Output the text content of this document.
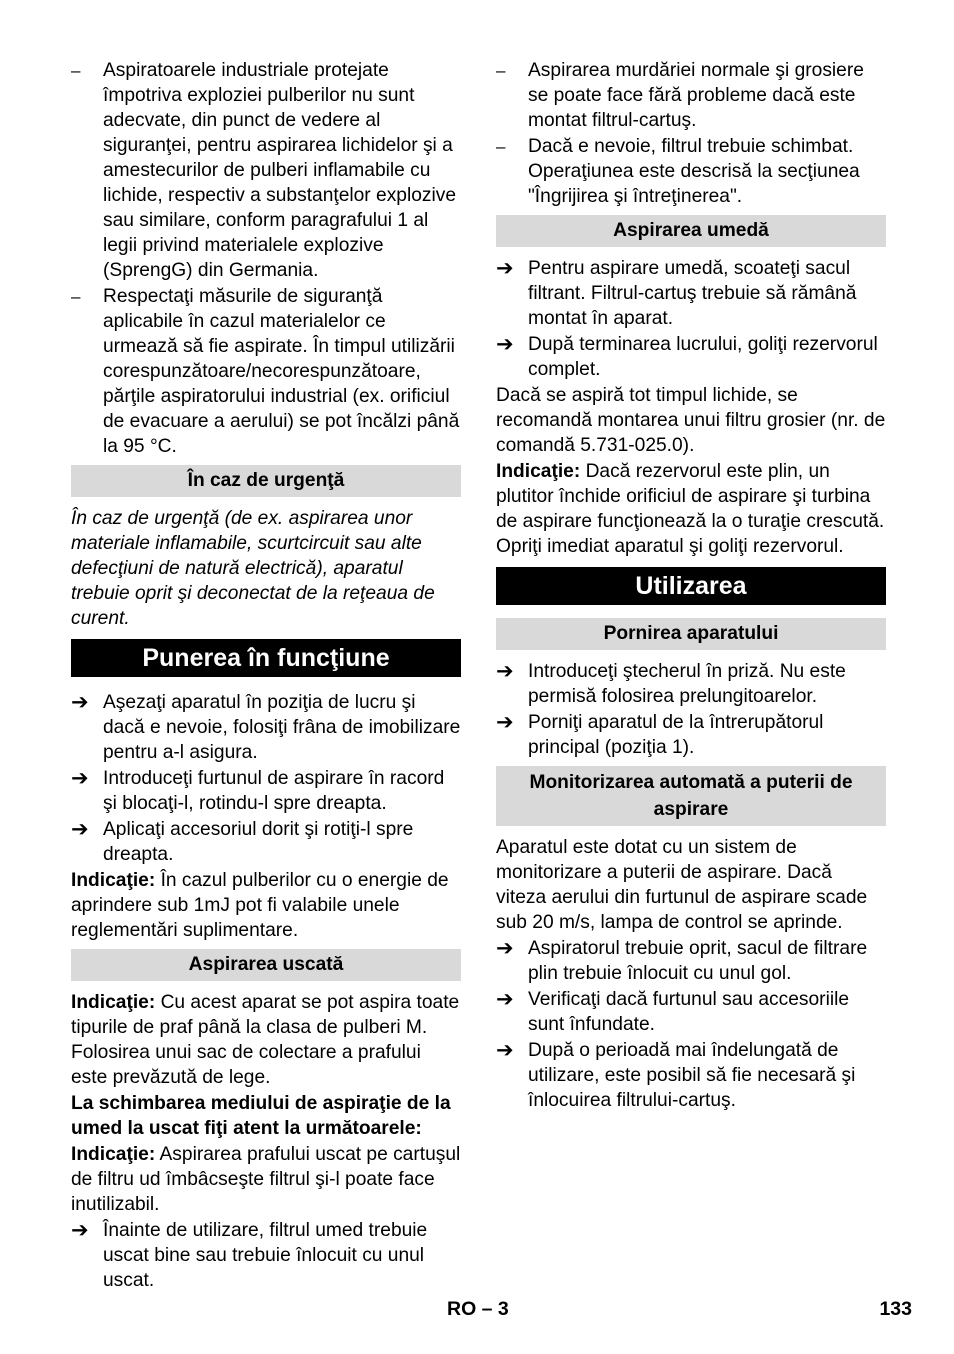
–	Aspiratoarele industriale protejate împotriva exploziei pulberilor nu sunt adecvate, din punct de vedere al siguranţei, pentru aspirarea lichidelor şi a amestecurilor de pulberi inflamabile cu lichide, respectiv a substanţelor explozive sau similare, conform paragrafului 1 al legii privind materialele explozive (SprengG) din Germania.
–	Respectaţi măsurile de siguranţă aplicabile în cazul materialelor ce urmează să fie aspirate. În timpul utilizării corespunzătoare/necorespunzătoare, părţile aspiratorului industrial (ex. orificiul de evacuare a aerului) se pot încălzi până la 95 °C.
În caz de urgenţă
În caz de urgenţă (de ex. aspirarea unor materiale inflamabile, scurtcircuit sau alte defecţiuni de natură electrică), aparatul trebuie oprit şi deconectat de la reţeaua de curent.
Punerea în funcţiune
➔ Aşezaţi aparatul în poziţia de lucru şi dacă e nevoie, folosiţi frâna de imobilizare pentru a-l asigura.
➔ Introduceţi furtunul de aspirare în racord şi blocaţi-l, rotindu-l spre dreapta.
➔ Aplicaţi accesoriul dorit şi rotiţi-l spre dreapta.
Indicaţie: În cazul pulberilor cu o energie de aprindere sub 1mJ pot fi valabile unele reglementări suplimentare.
Aspirarea uscată
Indicaţie: Cu acest aparat se pot aspira toate tipurile de praf până la clasa de pulberi M. Folosirea unui sac de colectare a prafului este prevăzută de lege.
La schimbarea mediului de aspiraţie de la umed la uscat fiţi atent la următoarele:
Indicaţie: Aspirarea prafului uscat pe cartuşul de filtru ud îmbâcseşte filtrul şi-l poate face inutilizabil.
➔ Înainte de utilizare, filtrul umed trebuie uscat bine sau trebuie înlocuit cu unul uscat.
–	Aspirarea murdăriei normale şi grosiere se poate face fără probleme dacă este montat filtrul-cartuş.
–	Dacă e nevoie, filtrul trebuie schimbat. Operaţiunea este descrisă la secţiunea "Îngrijirea şi întreţinerea".
Aspirarea umedă
➔ Pentru aspirare umedă, scoateţi sacul filtrant. Filtrul-cartuş trebuie să rămână montat în aparat.
➔ După terminarea lucrului, goliţi rezervorul complet.
Dacă se aspiră tot timpul lichide, se recomandă montarea unui filtru grosier (nr. de comandă 5.731-025.0).
Indicaţie: Dacă rezervorul este plin, un plutitor închide orificiul de aspirare şi turbina de aspirare funcţionează la o turaţie crescută. Opriţi imediat aparatul şi goliţi rezervorul.
Utilizarea
Pornirea aparatului
➔ Introduceţi ştecherul în priză. Nu este permisă folosirea prelungitoarelor.
➔ Porniţi aparatul de la întrerupătorul principal (poziţia 1).
Monitorizarea automată a puterii de aspirare
Aparatul este dotat cu un sistem de monitorizare a puterii de aspirare. Dacă viteza aerului din furtunul de aspirare scade sub 20 m/s, lampa de control se aprinde.
➔ Aspiratorul trebuie oprit, sacul de filtrare plin trebuie înlocuit cu unul gol.
➔ Verificaţi dacă furtunul sau accesoriile sunt înfundate.
➔ După o perioadă mai îndelungată de utilizare, este posibil să fie necesară şi înlocuirea filtrului-cartuş.
RO – 3	133
